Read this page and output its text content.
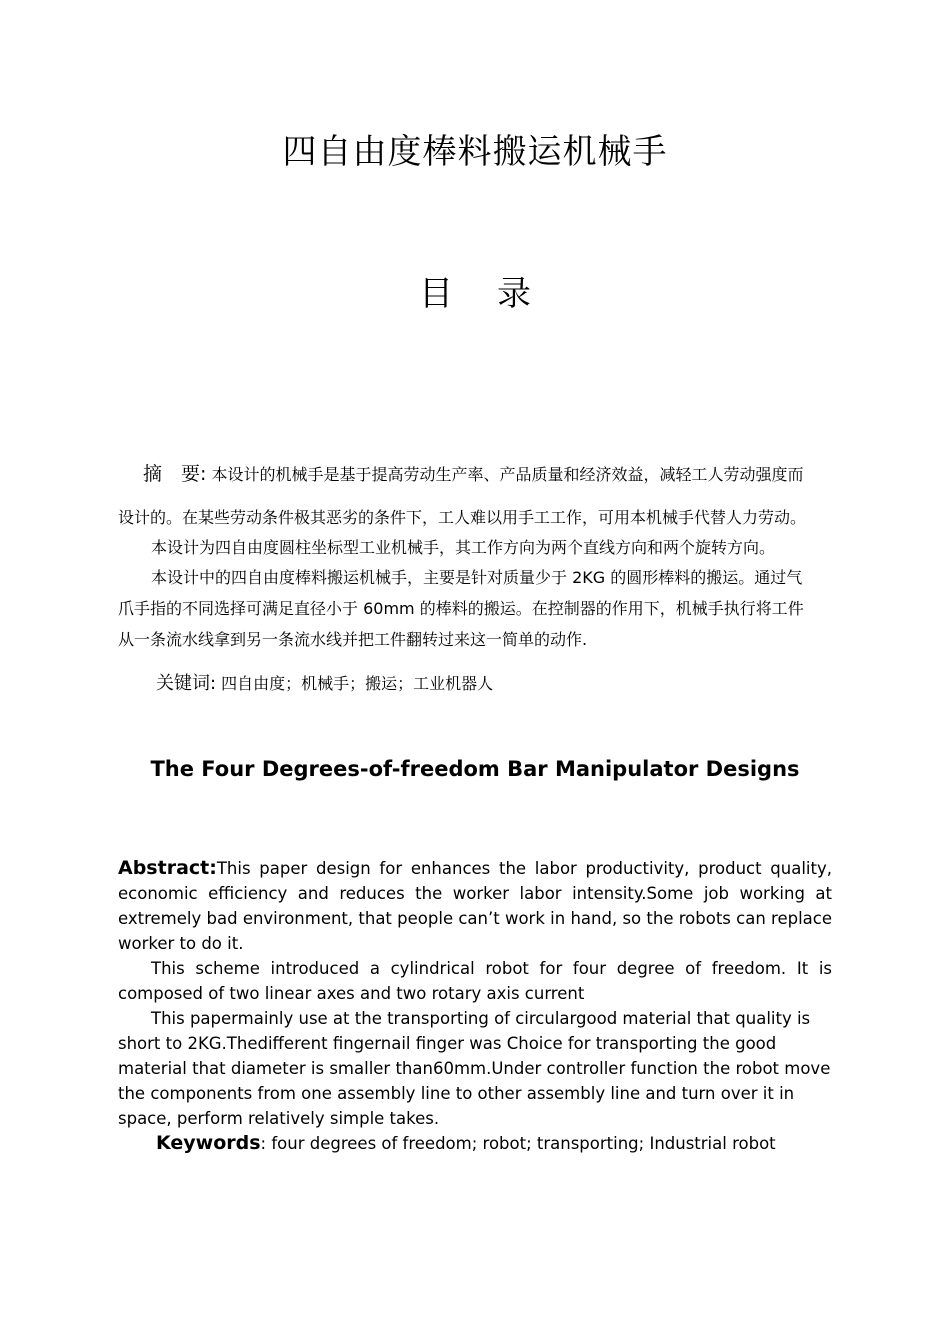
四自由度棒料搬运机械手
目 录
摘　要: 本设计的机械手是基于提高劳动生产率、产品质量和经济效益，减轻工人劳动强度而
设计的。在某些劳动条件极其恶劣的条件下，工人难以用手工工作，可用本机械手代替人力劳动。
本设计为四自由度圆柱坐标型工业机械手，其工作方向为两个直线方向和两个旋转方向。
本设计中的四自由度棒料搬运机械手，主要是针对质量少于 2KG 的圆形棒料的搬运。通过气
爪手指的不同选择可满足直径小于 60mm 的棒料的搬运。在控制器的作用下，机械手执行将工件
从一条流水线拿到另一条流水线并把工件翻转过来这一简单的动作.
关键词: 四自由度；机械手；搬运；工业机器人
The Four Degrees-of-freedom Bar Manipulator Designs

Abstract:This paper design for enhances the labor productivity, product quality, economic efficiency and reduces the worker labor intensity.Some job working at extremely bad environment, that people can’t work in hand, so the robots can replace worker to do it.

This scheme introduced a cylindrical robot for four degree of freedom. It is composed of two linear axes and two rotary axis current

This papermainly use at the transporting of circulargood material that quality is short to 2KG.Thedifferent fingernail finger was Choice for transporting the good material that diameter is smaller than60mm.Under controller function the robot move the components from one assembly line to other assembly line and turn over it in space, perform relatively simple takes.

Keywords: four degrees of freedom; robot; transporting; Industrial robot
